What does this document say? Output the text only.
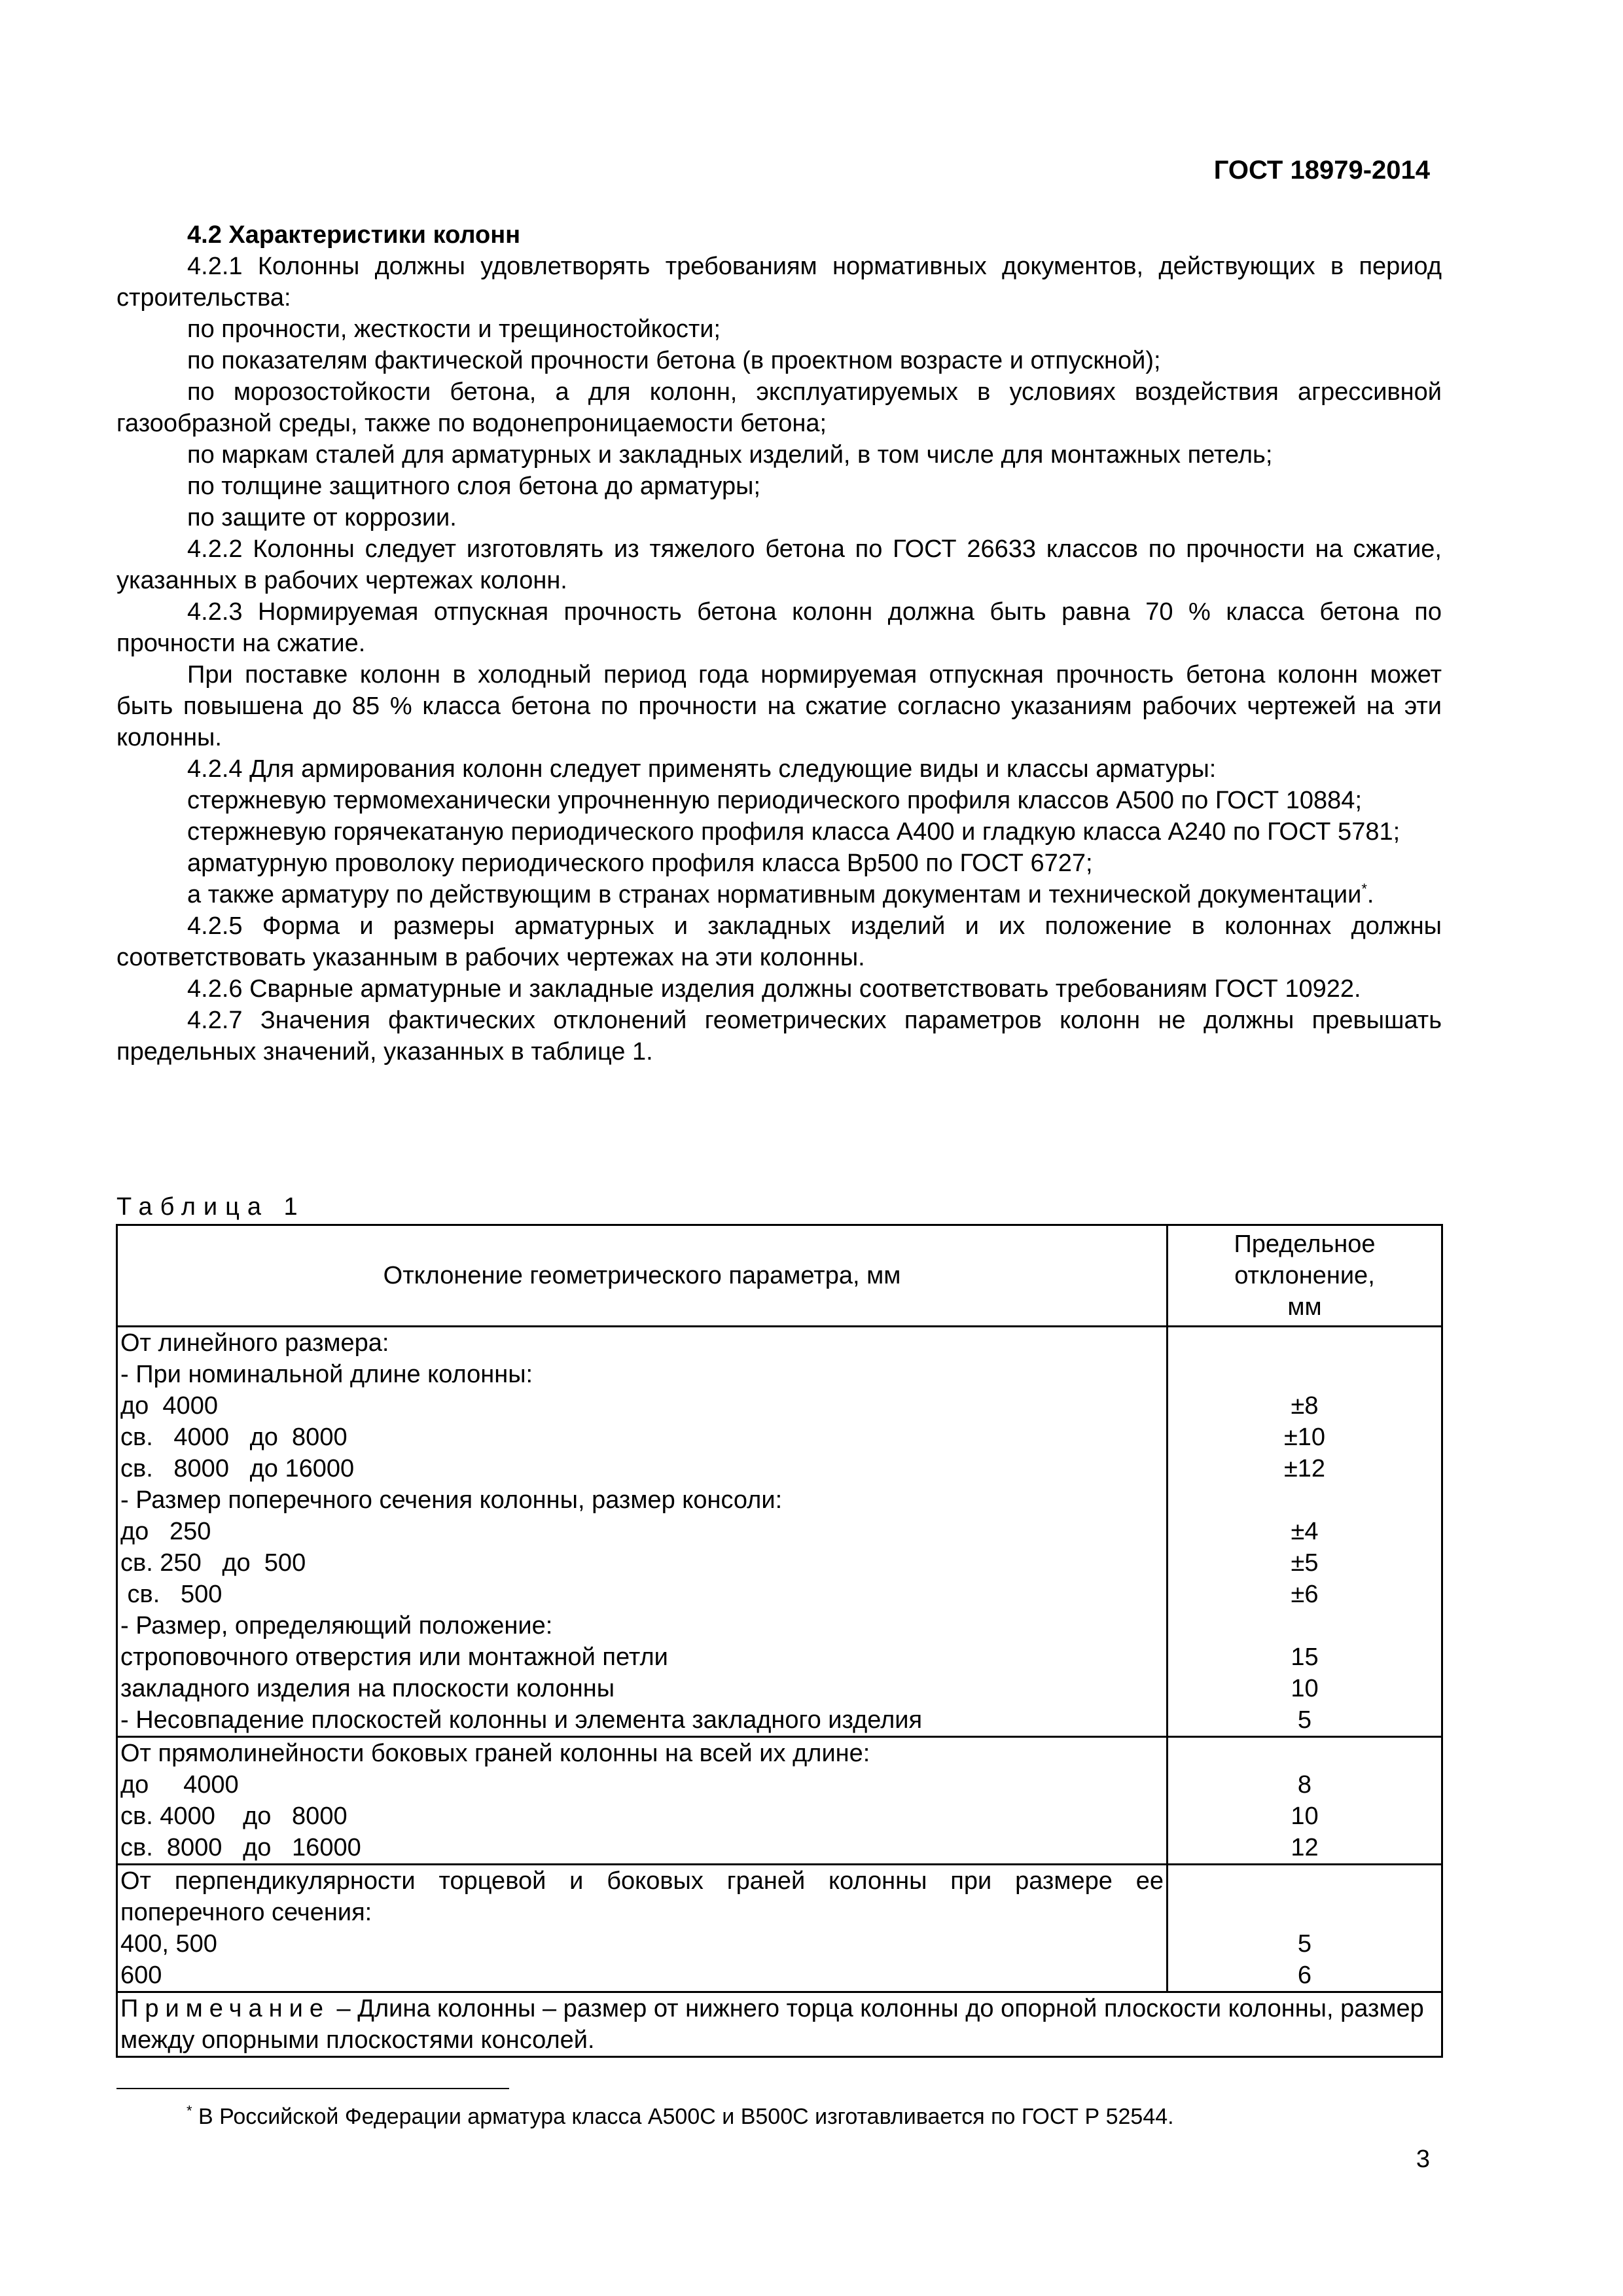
ГОСТ 18979-2014

4.2 Характеристики колонн

4.2.1 Колонны должны удовлетворять требованиям нормативных документов, действующих в период строительства:

по прочности, жесткости и трещиностойкости;

по показателям фактической прочности бетона (в проектном возрасте и отпускной);

по морозостойкости бетона, а для колонн, эксплуатируемых в условиях воздействия агрессивной газообразной среды, также по водонепроницаемости бетона;

по маркам сталей для арматурных и закладных изделий, в том числе для монтажных петель;

по толщине защитного слоя бетона до арматуры;

по защите от коррозии.

4.2.2 Колонны следует изготовлять из тяжелого бетона по ГОСТ 26633 классов по прочности на сжатие, указанных в рабочих чертежах колонн.

4.2.3 Нормируемая отпускная прочность бетона колонн должна быть равна 70 % класса бетона по прочности на сжатие.

При поставке колонн в холодный период года нормируемая отпускная прочность бетона колонн может быть повышена до 85 % класса бетона по прочности на сжатие согласно указаниям рабочих чертежей на эти колонны.

4.2.4 Для армирования колонн следует применять следующие виды и классы арматуры:

стержневую термомеханически упрочненную периодического профиля классов А500 по ГОСТ 10884;

стержневую горячекатаную периодического профиля класса А400 и гладкую класса А240 по ГОСТ 5781;

арматурную проволоку периодического профиля класса Вр500 по ГОСТ 6727;

а также арматуру по действующим в странах нормативным документам и технической документации*.

4.2.5 Форма и размеры арматурных и закладных изделий и их положение в колоннах должны соответствовать указанным в рабочих чертежах на эти колонны.

4.2.6 Сварные арматурные и закладные изделия должны соответствовать требованиям ГОСТ 10922.

4.2.7 Значения фактических отклонений геометрических параметров колонн не должны превышать предельных значений, указанных в таблице 1.

Таблица 1
Отклонение геометрического параметра, мм
Предельное
отклонение,
мм
От линейного размера:
- При номинальной длине колонны:
до  4000	±8
св.   4000   до  8000	±10
св.   8000   до 16000	±12
- Размер поперечного сечения колонны, размер консоли:
до   250	±4
св. 250   до  500	±5
св.   500	±6
- Размер, определяющий положение:
строповочного отверстия или монтажной петли	15
закладного изделия на плоскости колонны	10
- Несовпадение плоскостей колонны и элемента закладного изделия	5
От прямолинейности боковых граней колонны на всей их длине:
до     4000	8
св. 4000    до   8000	10
св.  8000   до   16000	12
От перпендикулярности торцевой и боковых граней колонны при размере ее поперечного сечения:
400, 500	5
600	6
Примечание – Длина колонны – размер от нижнего торца колонны до опорной плоскости колонны, размер между опорными плоскостями консолей.
* В Российской Федерации арматура класса А500С и В500С изготавливается по ГОСТ Р 52544.
3
